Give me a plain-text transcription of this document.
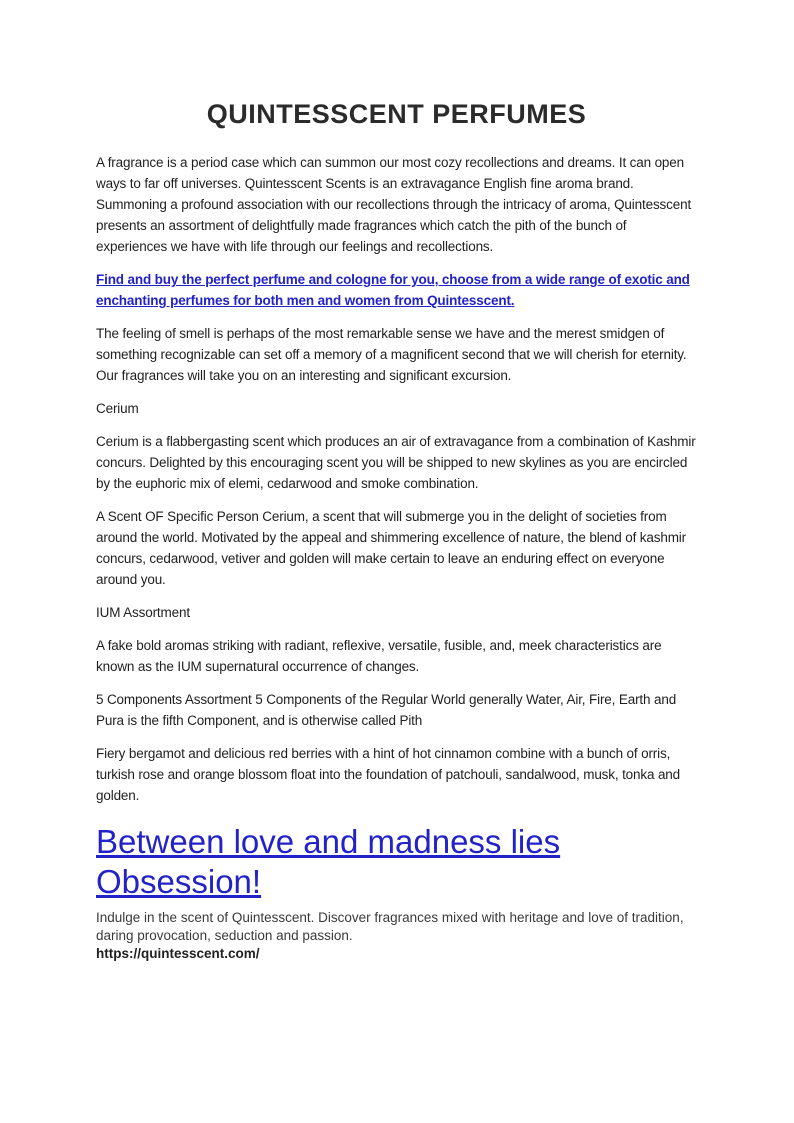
QUINTESSCENT PERFUMES

A fragrance is a period case which can summon our most cozy recollections and dreams. It can open ways to far off universes. Quintesscent Scents is an extravagance English fine aroma brand. Summoning a profound association with our recollections through the intricacy of aroma, Quintesscent presents an assortment of delightfully made fragrances which catch the pith of the bunch of experiences we have with life through our feelings and recollections.

Find and buy the perfect perfume and cologne for you, choose from a wide range of exotic and enchanting perfumes for both men and women from Quintesscent.

The feeling of smell is perhaps of the most remarkable sense we have and the merest smidgen of something recognizable can set off a memory of a magnificent second that we will cherish for eternity. Our fragrances will take you on an interesting and significant excursion.

Cerium

Cerium is a flabbergasting scent which produces an air of extravagance from a combination of Kashmir concurs. Delighted by this encouraging scent you will be shipped to new skylines as you are encircled by the euphoric mix of elemi, cedarwood and smoke combination.

A Scent OF Specific Person Cerium, a scent that will submerge you in the delight of societies from around the world. Motivated by the appeal and shimmering excellence of nature, the blend of kashmir concurs, cedarwood, vetiver and golden will make certain to leave an enduring effect on everyone around you.

IUM Assortment

A fake bold aromas striking with radiant, reflexive, versatile, fusible, and, meek characteristics are known as the IUM supernatural occurrence of changes.

5 Components Assortment 5 Components of the Regular World generally Water, Air, Fire, Earth and Pura is the fifth Component, and is otherwise called Pith

Fiery bergamot and delicious red berries with a hint of hot cinnamon combine with a bunch of orris, turkish rose and orange blossom float into the foundation of patchouli, sandalwood, musk, tonka and golden.

Between love and madness lies Obsession!

Indulge in the scent of Quintesscent. Discover fragrances mixed with heritage and love of tradition, daring provocation, seduction and passion.

https://quintesscent.com/
